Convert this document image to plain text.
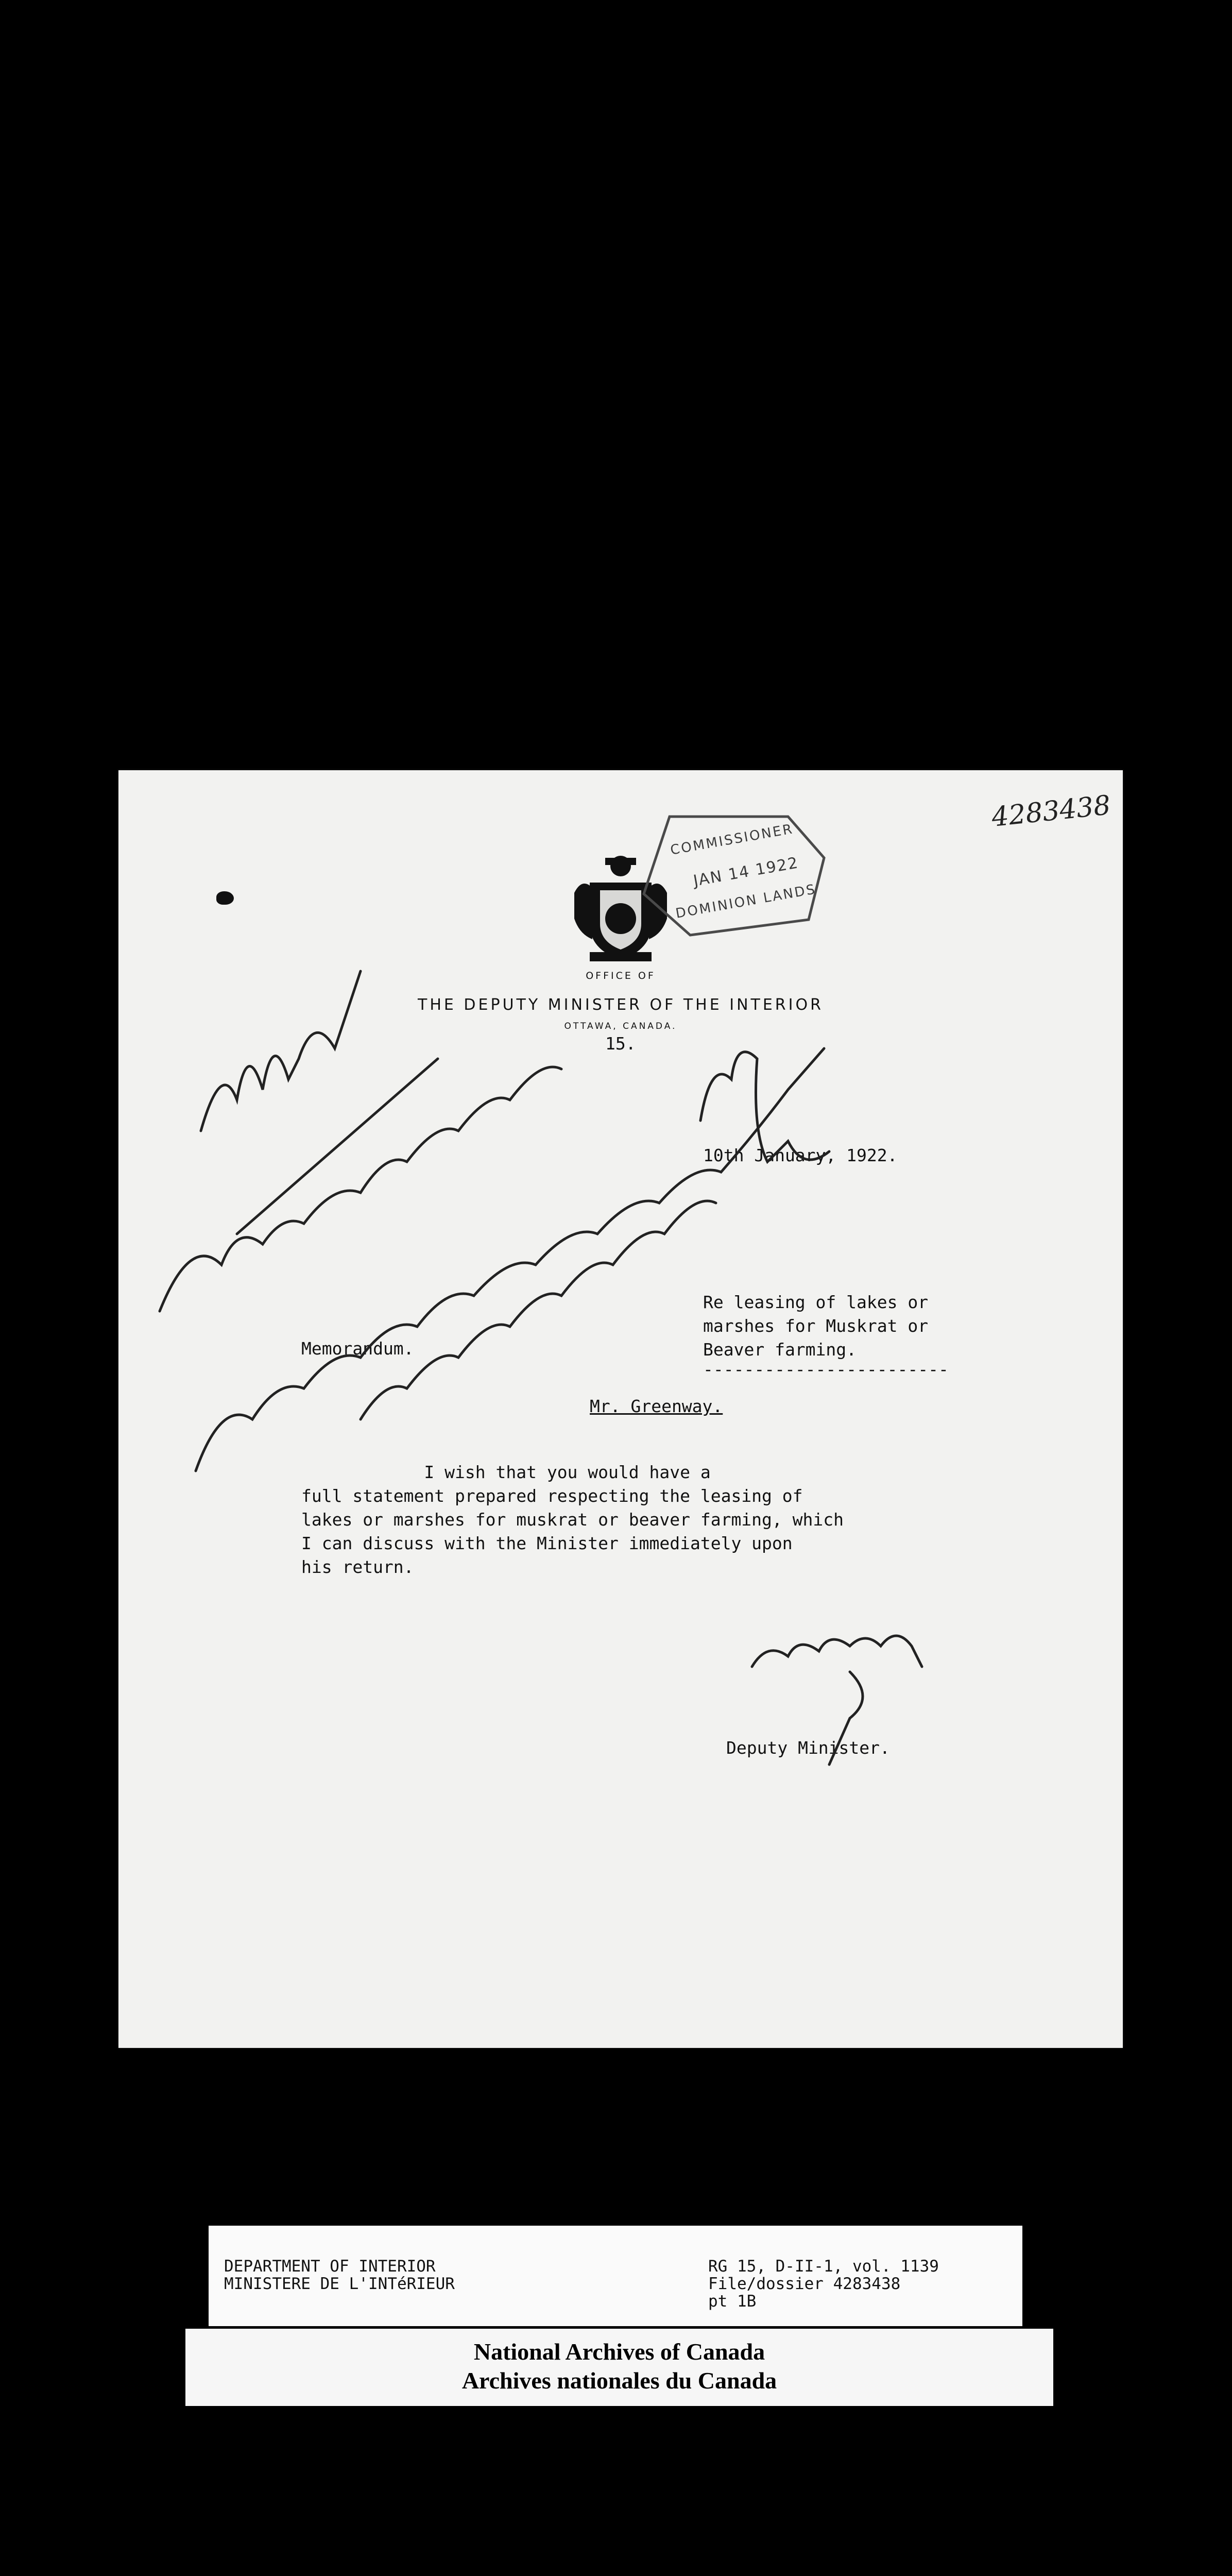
OFFICE OF
THE DEPUTY MINISTER OF THE INTERIOR
OTTAWA, CANADA.
15.
10th January, 1922.
Re leasing of lakes or
marshes for Muskrat or
Beaver farming.
------------------------
Memorandum.
Mr. Greenway.
I wish that you would have a
full statement prepared respecting the leasing of
lakes or marshes for muskrat or beaver farming, which
I can discuss with the Minister immediately upon
his return.
Deputy Minister.
COMMISSIONER
JAN 14 1922
DOMINION LANDS
4283438
DEPARTMENT OF INTERIOR
MINISTERE DE L'INTéRIEUR
RG 15, D-II-1, vol. 1139
File/dossier 4283438
pt 1B
National Archives of Canada
Archives nationales du Canada
